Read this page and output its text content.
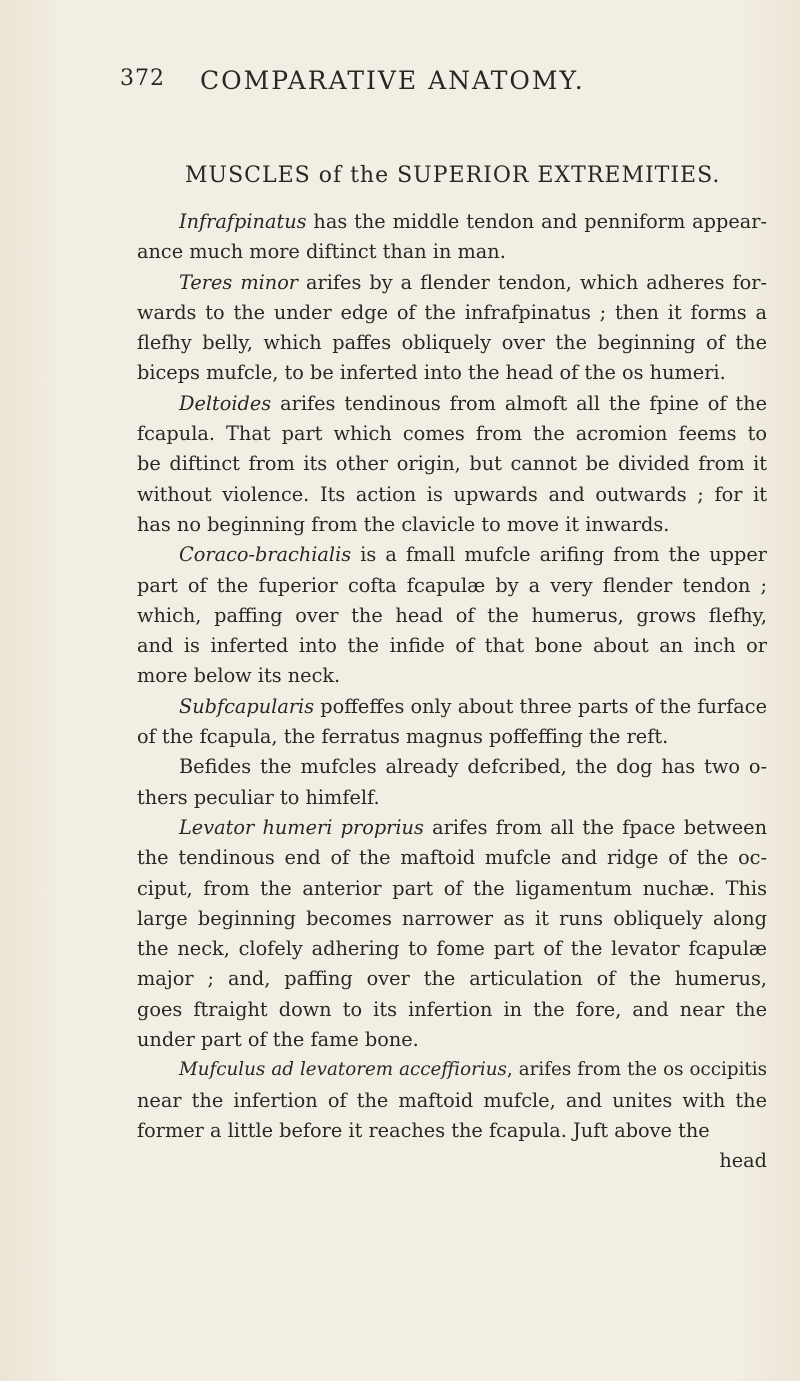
372 COMPARATIVE ANATOMY.
MUSCLES of the SUPERIOR EXTREMITIES.
Infrafpinatus has the middle tendon and penniform appear-
ance much more diftinct than in man.
Teres minor arifes by a flender tendon, which adheres for-
wards to the under edge of the infrafpinatus ; then it forms a
flefhy belly, which paffes obliquely over the beginning of the
biceps mufcle, to be inferted into the head of the os humeri.
Deltoides arifes tendinous from almoft all the fpine of the
fcapula. That part which comes from the acromion feems to
be diftinct from its other origin, but cannot be divided from it
without violence. Its action is upwards and outwards ; for it
has no beginning from the clavicle to move it inwards.
Coraco-brachialis is a fmall mufcle arifing from the upper
part of the fuperior cofta fcapulæ by a very flender tendon ;
which, paffing over the head of the humerus, grows flefhy,
and is inferted into the infide of that bone about an inch or
more below its neck.
Subfcapularis poffeffes only about three parts of the furface
of the fcapula, the ferratus magnus poffeffing the reft.
Befides the mufcles already defcribed, the dog has two o-
thers peculiar to himfelf.
Levator humeri proprius arifes from all the fpace between
the tendinous end of the maftoid mufcle and ridge of the oc-
ciput, from the anterior part of the ligamentum nuchæ. This
large beginning becomes narrower as it runs obliquely along
the neck, clofely adhering to fome part of the levator fcapulæ
major ; and, paffing over the articulation of the humerus,
goes ftraight down to its infertion in the fore, and near the
under part of the fame bone.
Mufculus ad levatorem acceffiorius, arifes from the os occipitis
near the infertion of the maftoid mufcle, and unites with the
former a little before it reaches the fcapula. Juft above the
head
